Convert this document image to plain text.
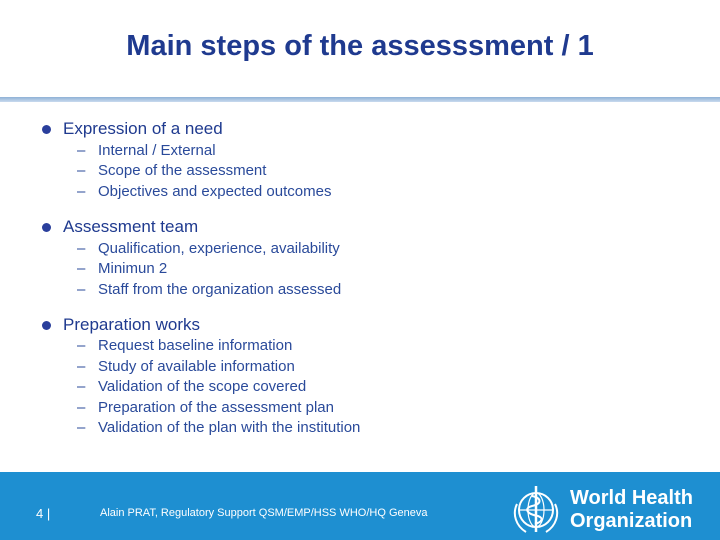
Main steps of the assesssment / 1
Expression of a need
– Internal / External
– Scope of the assessment
– Objectives and expected outcomes
Assessment team
– Qualification, experience, availability
– Minimun 2
– Staff from the organization assessed
Preparation works
– Request baseline information
– Study of available information
– Validation of the scope covered
– Preparation of the assessment plan
– Validation of the plan with the institution
4 |	Alain PRAT, Regulatory Support QSM/EMP/HSS WHO/HQ Geneva
World Health
Organization
